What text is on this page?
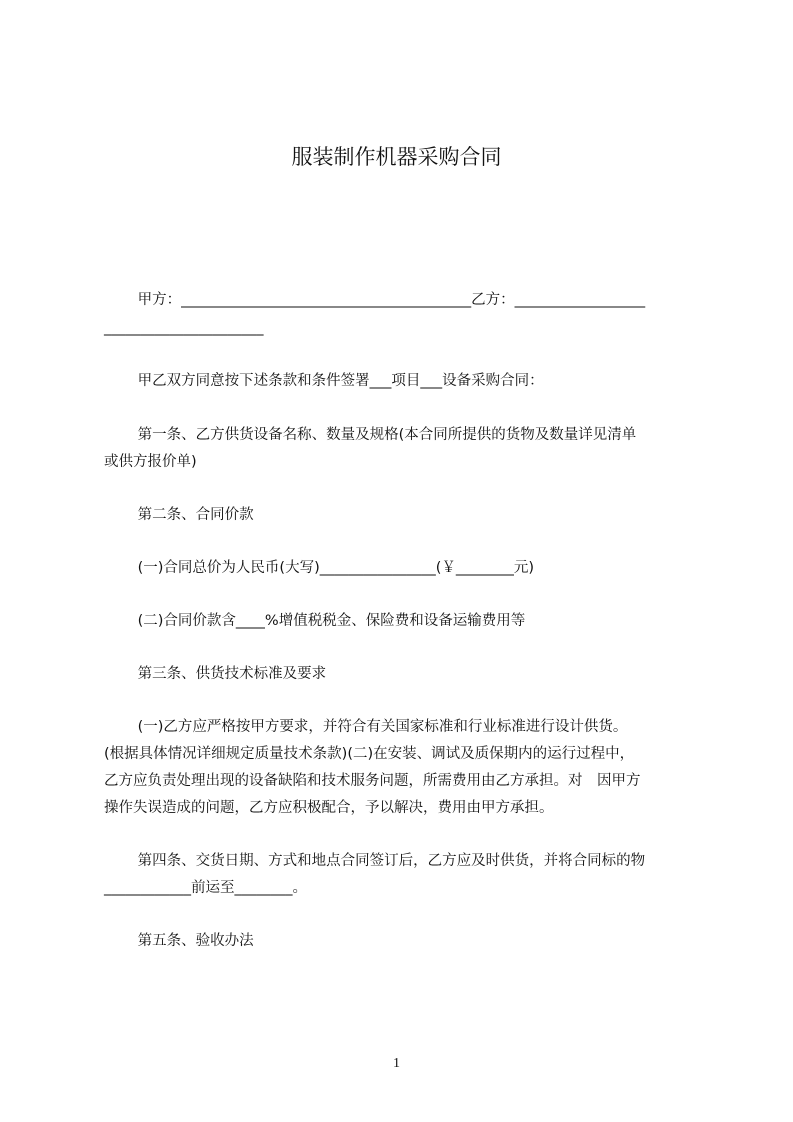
服装制作机器采购合同
　　 甲方：________________________________________乙方：__________________
______________________
　　 甲乙双方同意按下述条款和条件签署___项目___设备采购合同：
　　 第一条、乙方供货设备名称、数量及规格(本合同所提供的货物及数量详见清单
或供方报价单)
　　 第二条、合同价款
　　 (一)合同总价为人民币(大写)________________(￥________元)
　　 (二)合同价款含____%增值税税金、保险费和设备运输费用等
　　 第三条、供货技术标准及要求
　　 (一)乙方应严格按甲方要求，并符合有关国家标准和行业标准进行设计供货。
(根据具体情况详细规定质量技术条款)(二)在安装、调试及质保期内的运行过程中，
乙方应负责处理出现的设备缺陷和技术服务问题，所需费用由乙方承担。对　因甲方
操作失误造成的问题，乙方应积极配合，予以解决，费用由甲方承担。
　　 第四条、交货日期、方式和地点合同签订后，乙方应及时供货，并将合同标的物
____________前运至________。
　　 第五条、验收办法
1
